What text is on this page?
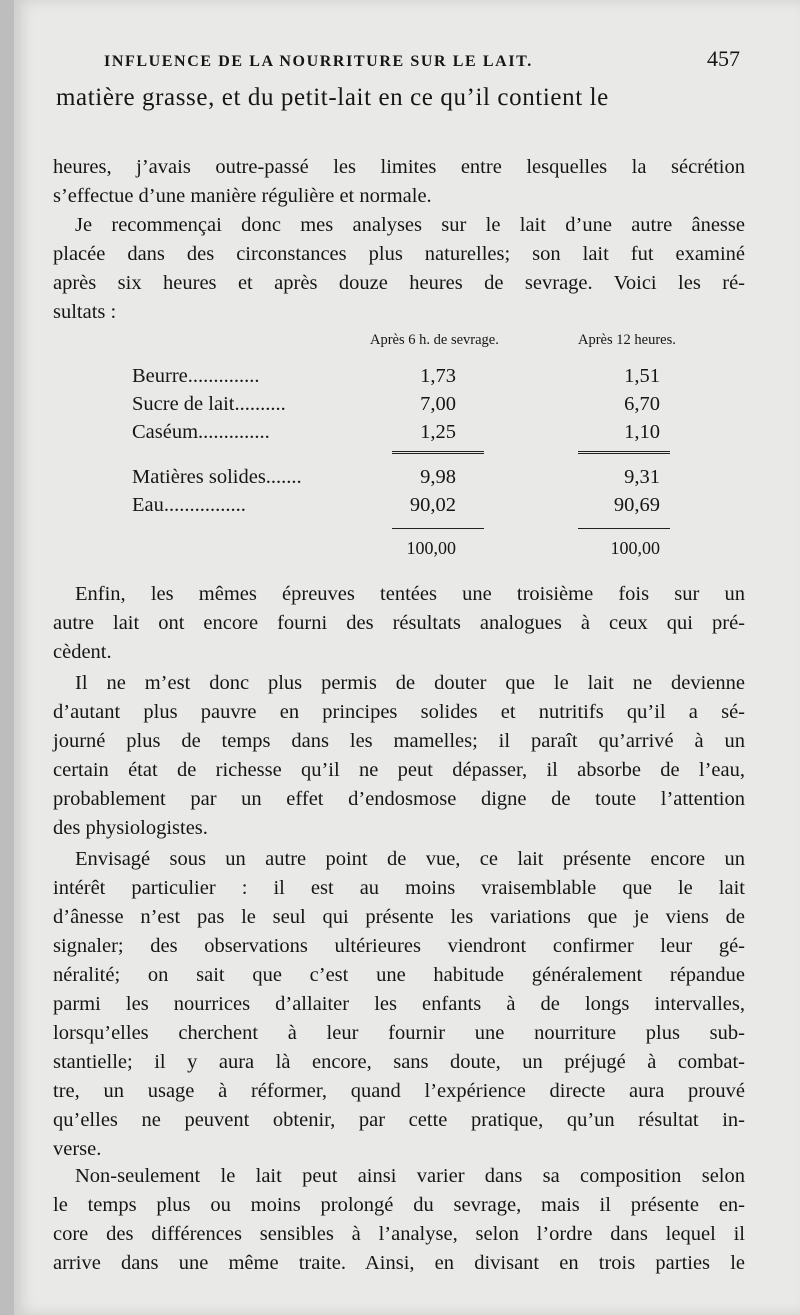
INFLUENCE DE LA NOURRITURE SUR LE LAIT.	457
matière grasse, et du petit-lait en ce qu’il contient le
heures, j’avais outre-passé les limites entre lesquelles la sécrétion
s’effectue d’une manière régulière et normale.
Je recommençai donc mes analyses sur le lait d’une autre ânesse
placée dans des circonstances plus naturelles; son lait fut examiné
après six heures et après douze heures de sevrage. Voici les ré-
sultats :
Après 6 h. de sevrage.	Après 12 heures.
Beurre..............	1,73	1,51
Sucre de lait..........	7,00	6,70
Caséum..............	1,25	1,10
Matières solides.......	9,98	9,31
Eau................	90,02	90,69
100,00	100,00
Enfin, les mêmes épreuves tentées une troisième fois sur un
autre lait ont encore fourni des résultats analogues à ceux qui pré-
cèdent.
Il ne m’est donc plus permis de douter que le lait ne devienne
d’autant plus pauvre en principes solides et nutritifs qu’il a sé-
journé plus de temps dans les mamelles; il paraît qu’arrivé à un
certain état de richesse qu’il ne peut dépasser, il absorbe de l’eau,
probablement par un effet d’endosmose digne de toute l’attention
des physiologistes.
Envisagé sous un autre point de vue, ce lait présente encore un
intérêt particulier : il est au moins vraisemblable que le lait
d’ânesse n’est pas le seul qui présente les variations que je viens de
signaler; des observations ultérieures viendront confirmer leur gé-
néralité; on sait que c’est une habitude généralement répandue
parmi les nourrices d’allaiter les enfants à de longs intervalles,
lorsqu’elles cherchent à leur fournir une nourriture plus sub-
stantielle; il y aura là encore, sans doute, un préjugé à combat-
tre, un usage à réformer, quand l’expérience directe aura prouvé
qu’elles ne peuvent obtenir, par cette pratique, qu’un résultat in-
verse.
Non-seulement le lait peut ainsi varier dans sa composition selon
le temps plus ou moins prolongé du sevrage, mais il présente en-
core des différences sensibles à l’analyse, selon l’ordre dans lequel il
arrive dans une même traite. Ainsi, en divisant en trois parties le
